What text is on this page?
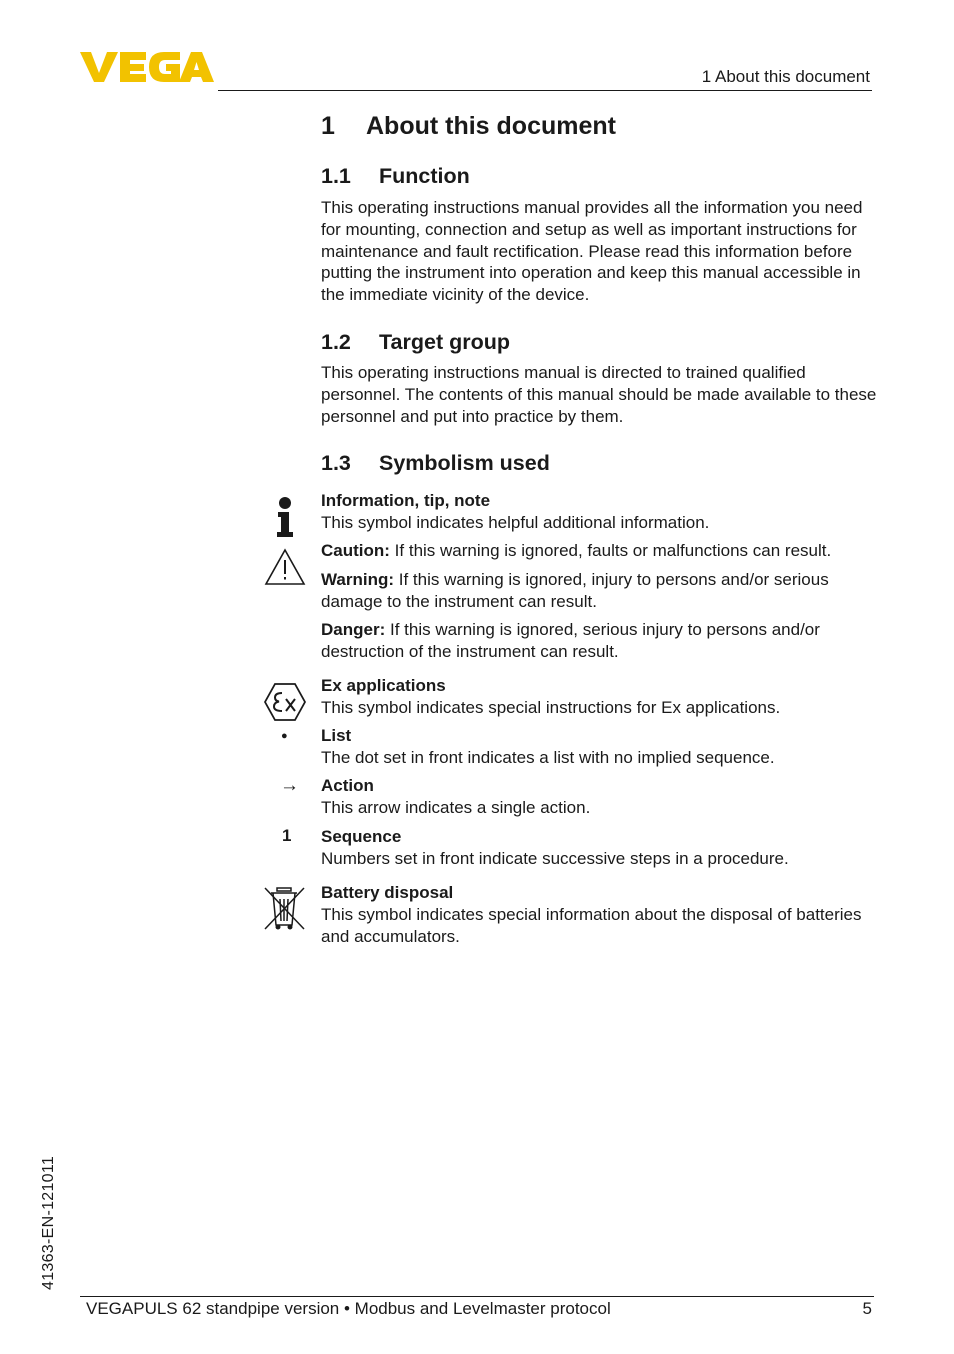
1 About this document
1 About this document
1.1 Function

This operating instructions manual provides all the information you need for mounting, connection and setup as well as important instructions for maintenance and fault rectification. Please read this information before putting the instrument into operation and keep this manual accessible in the immediate vicinity of the device.

1.2 Target group

This operating instructions manual is directed to trained qualified personnel. The contents of this manual should be made available to these personnel and put into practice by them.

1.3 Symbolism used

Information, tip, note

This symbol indicates helpful additional information.

Caution: If this warning is ignored, faults or malfunctions can result.

Warning: If this warning is ignored, injury to persons and/or serious damage to the instrument can result.

Danger: If this warning is ignored, serious injury to persons and/or destruction of the instrument can result.

Ex applications

This symbol indicates special instructions for Ex applications.

● List

The dot set in front indicates a list with no implied sequence.

→ Action

This arrow indicates a single action.

1 Sequence

Numbers set in front indicate successive steps in a procedure.

Battery disposal

This symbol indicates special information about the disposal of batteries and accumulators.

41363-EN-121011
VEGAPULS 62 standpipe version • Modbus and Levelmaster protocol	5
